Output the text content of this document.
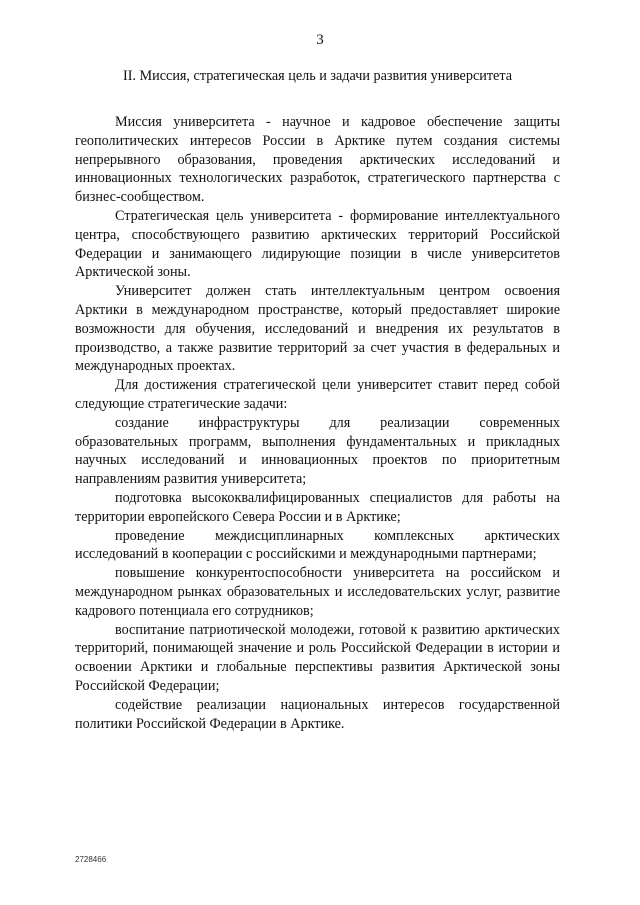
3
II. Миссия, стратегическая цель и задачи развития университета

Миссия университета - научное и кадровое обеспечение защиты геополитических интересов России в Арктике путем создания системы непрерывного образования, проведения арктических исследований и инновационных технологических разработок, стратегического партнерства с бизнес-сообществом.

Стратегическая цель университета - формирование интеллектуального центра, способствующего развитию арктических территорий Российской Федерации и занимающего лидирующие позиции в числе университетов Арктической зоны.

Университет должен стать интеллектуальным центром освоения Арктики в международном пространстве, который предоставляет широкие возможности для обучения, исследований и внедрения их результатов в производство, а также развитие территорий за счет участия в федеральных и международных проектах.

Для достижения стратегической цели университет ставит перед собой следующие стратегические задачи:

создание инфраструктуры для реализации современных образовательных программ, выполнения фундаментальных и прикладных научных исследований и инновационных проектов по приоритетным направлениям развития университета;

подготовка высококвалифицированных специалистов для работы на территории европейского Севера России и в Арктике;

проведение междисциплинарных комплексных арктических исследований в кооперации с российскими и международными партнерами;

повышение конкурентоспособности университета на российском и международном рынках образовательных и исследовательских услуг, развитие кадрового потенциала его сотрудников;

воспитание патриотической молодежи, готовой к развитию арктических территорий, понимающей значение и роль Российской Федерации в истории и освоении Арктики и глобальные перспективы развития Арктической зоны Российской Федерации;

содействие реализации национальных интересов государственной политики Российской Федерации в Арктике.

2728466
